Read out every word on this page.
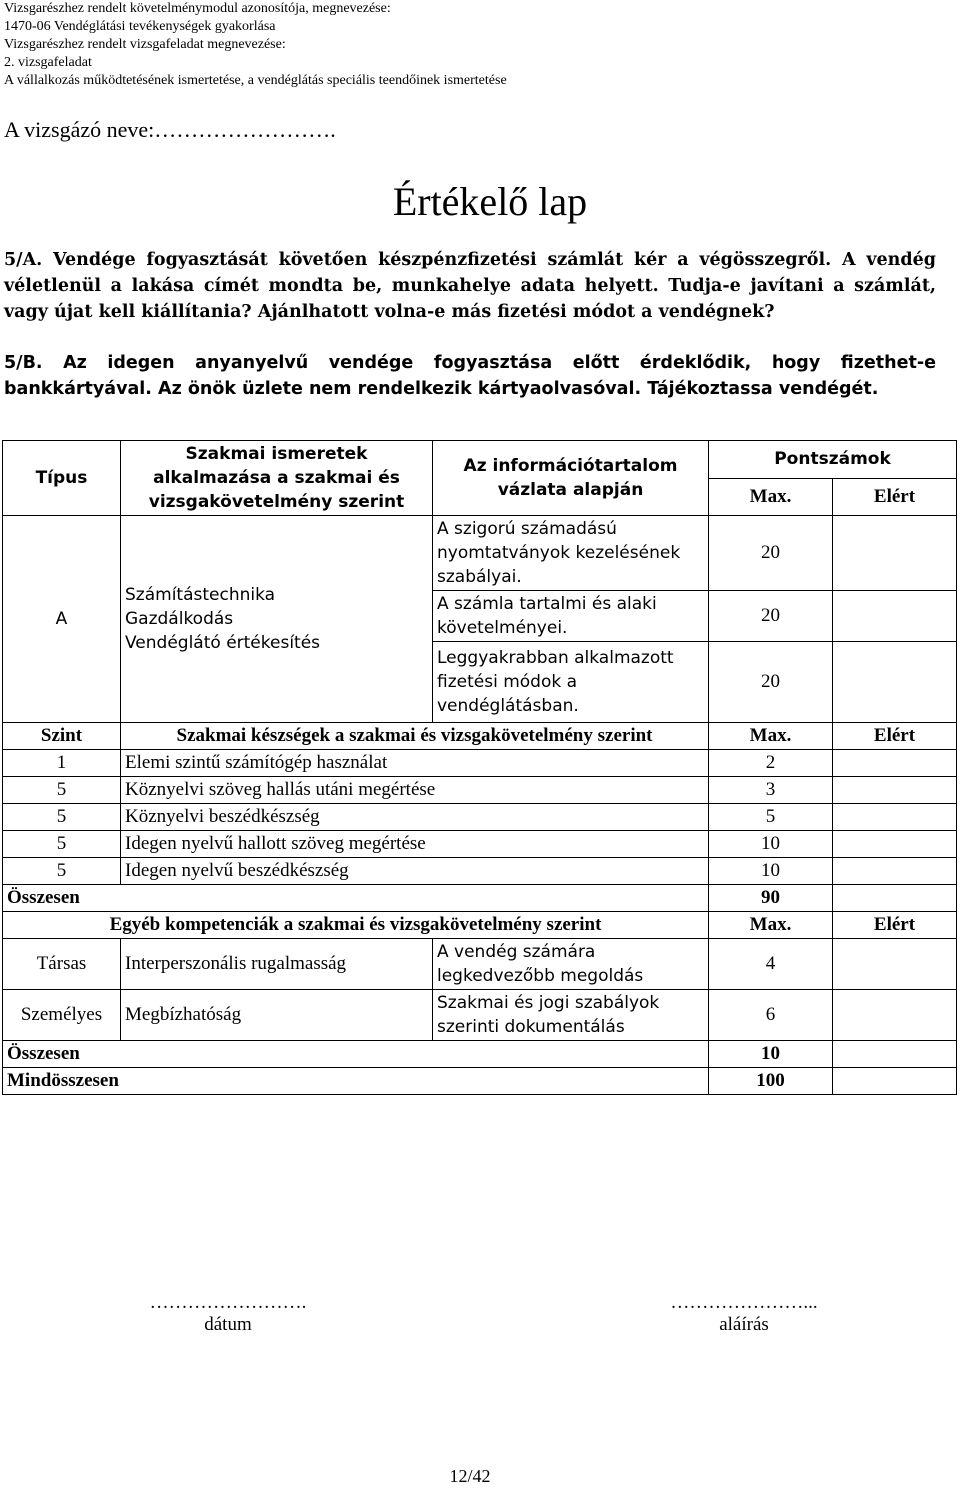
Vizsgarészhez rendelt követelménymodul azonosítója, megnevezése:
1470-06 Vendéglátási tevékenységek gyakorlása
Vizsgarészhez rendelt vizsgafeladat megnevezése:
2. vizsgafeladat
A vállalkozás működtetésének ismertetése, a vendéglátás speciális teendőinek ismertetése
A vizsgázó neve:…………………….
Értékelő lap
5/A. Vendége fogyasztását követően készpénzfizetési számlát kér a végösszegről. A vendég
véletlenül a lakása címét mondta be, munkahelye adata helyett. Tudja-e javítani a számlát,
vagy újat kell kiállítania? Ajánlhatott volna-e más fizetési módot a vendégnek?
5/B. Az idegen anyanyelvű vendége fogyasztása előtt érdeklődik, hogy fizethet-e
bankkártyával. Az önök üzlete nem rendelkezik kártyaolvasóval. Tájékoztassa vendégét.
Típus	Szakmai ismeretek alkalmazása a szakmai és vizsgakövetelmény szerint	Az információtartalom vázlata alapján	Pontszámok	
			Max.	Elért
A	Számítástechnika
Gazdálkodás
Vendéglátó értékesítés	A szigorú számadású nyomtatványok kezelésének szabályai.	20	
		A számla tartalmi és alaki követelményei.	20	
		Leggyakrabban alkalmazott fizetési módok a vendéglátásban.	20	
Szint	Szakmai készségek a szakmai és vizsgakövetelmény szerint		Max.	Elért
1	Elemi szintű számítógép használat		2	
5	Köznyelvi szöveg hallás utáni megértése		3	
5	Köznyelvi beszédkészség		5	
5	Idegen nyelvű hallott szöveg megértése		10	
5	Idegen nyelvű beszédkészség		10	
Összesen			90	
Egyéb kompetenciák a szakmai és vizsgakövetelmény szerint			Max.	Elért
Társas	Interperszonális rugalmasság	A vendég számára legkedvezőbb megoldás	4	
Személyes	Megbízhatóság	Szakmai és jogi szabályok szerinti dokumentálás	6	
Összesen			10	
Mindösszesen			100	
…………………….
dátum
…………………...
aláírás
12/42
